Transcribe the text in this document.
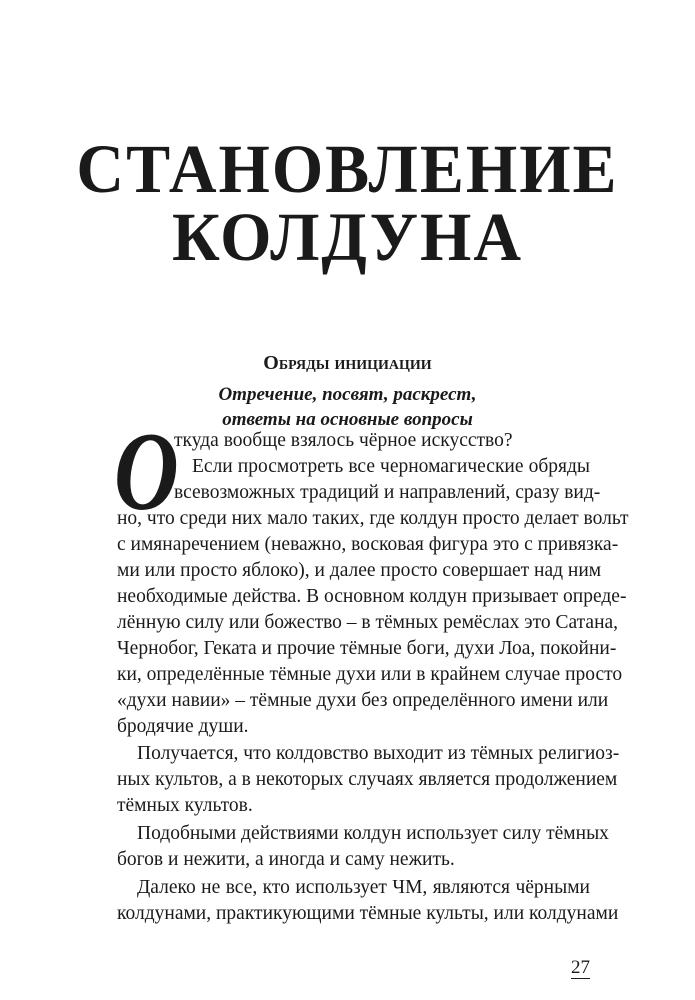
СТАНОВЛЕНИЕ
КОЛДУНА
Обряды инициации
Отречение, посвят, раскрест,
ответы на основные вопросы
О
ткуда вообще взялось чёрное искусство?
Если просмотреть все черномагические обряды
всевозможных традиций и направлений, сразу вид-
но, что среди них мало таких, где колдун просто делает вольт
с имянаречением (неважно, восковая фигура это с привязка-
ми или просто яблоко), и далее просто совершает над ним
необходимые действа. В основном колдун призывает опреде-
лённую силу или божество – в тёмных ремёслах это Сатана,
Чернобог, Геката и прочие тёмные боги, духи Лоа, покойни-
ки, определённые тёмные духи или в крайнем случае просто
«духи навии» – тёмные духи без определённого имени или
бродячие души.
Получается, что колдовство выходит из тёмных религиоз-
ных культов, а в некоторых случаях является продолжением
тёмных культов.
Подобными действиями колдун использует силу тёмных
богов и нежити, а иногда и саму нежить.
Далеко не все, кто использует ЧМ, являются чёрными
колдунами, практикующими тёмные культы, или колдунами
27
